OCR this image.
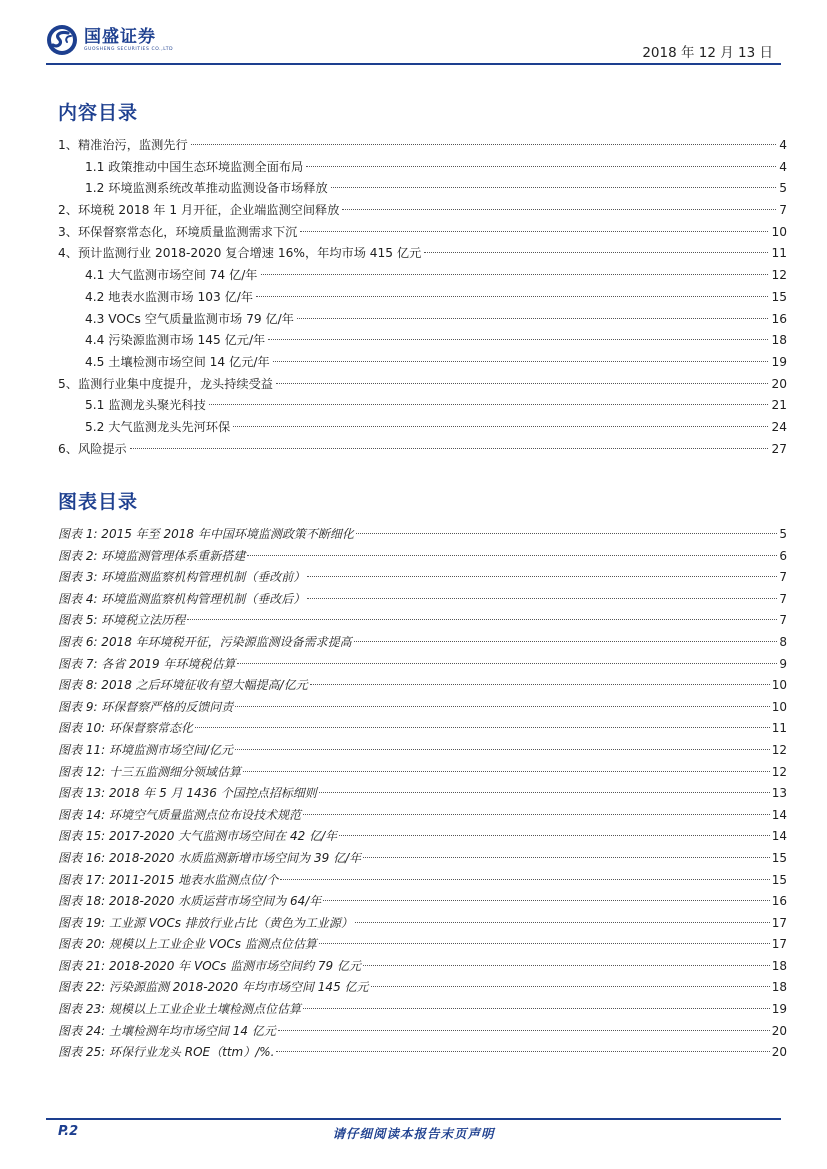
国盛证券
GUOSHENG SECURITIES CO.,LTD	2018 年 12 月 13 日
内容目录
1、精准治污，监测先行	4
1.1 政策推动中国生态环境监测全面布局	4
1.2 环境监测系统改革推动监测设备市场释放	5
2、环境税 2018 年 1 月开征，企业端监测空间释放	7
3、环保督察常态化，环境质量监测需求下沉	10
4、预计监测行业 2018-2020 复合增速 16%，年均市场 415 亿元	11
4.1 大气监测市场空间 74 亿/年	12
4.2 地表水监测市场 103 亿/年	15
4.3 VOCs 空气质量监测市场 79 亿/年	16
4.4 污染源监测市场 145 亿元/年	18
4.5 土壤检测市场空间 14 亿元/年	19
5、监测行业集中度提升，龙头持续受益	20
5.1 监测龙头聚光科技	21
5.2 大气监测龙头先河环保	24
6、风险提示	27
图表目录
图表 1: 2015 年至 2018 年中国环境监测政策不断细化	5
图表 2: 环境监测管理体系重新搭建	6
图表 3: 环境监测监察机构管理机制（垂改前）	7
图表 4: 环境监测监察机构管理机制（垂改后）	7
图表 5: 环境税立法历程	7
图表 6: 2018 年环境税开征，污染源监测设备需求提高	8
图表 7: 各省 2019 年环境税估算	9
图表 8: 2018 之后环境征收有望大幅提高/亿元	10
图表 9: 环保督察严格的反馈问责	10
图表 10: 环保督察常态化	11
图表 11: 环境监测市场空间/亿元	12
图表 12: 十三五监测细分领域估算	12
图表 13: 2018 年 5 月 1436 个国控点招标细则	13
图表 14: 环境空气质量监测点位布设技术规范	14
图表 15: 2017-2020 大气监测市场空间在 42 亿/年	14
图表 16: 2018-2020 水质监测新增市场空间为 39 亿/年	15
图表 17: 2011-2015 地表水监测点位/个	15
图表 18: 2018-2020 水质运营市场空间为 64/年	16
图表 19: 工业源 VOCs 排放行业占比（黄色为工业源）	17
图表 20: 规模以上工业企业 VOCs 监测点位估算	17
图表 21: 2018-2020 年 VOCs 监测市场空间约 79 亿元	18
图表 22: 污染源监测 2018-2020 年均市场空间 145 亿元	18
图表 23: 规模以上工业企业土壤检测点位估算	19
图表 24: 土壤检测年均市场空间 14 亿元	20
图表 25: 环保行业龙头 ROE（ttm）/%.	20
P.2	请仔细阅读本报告末页声明
